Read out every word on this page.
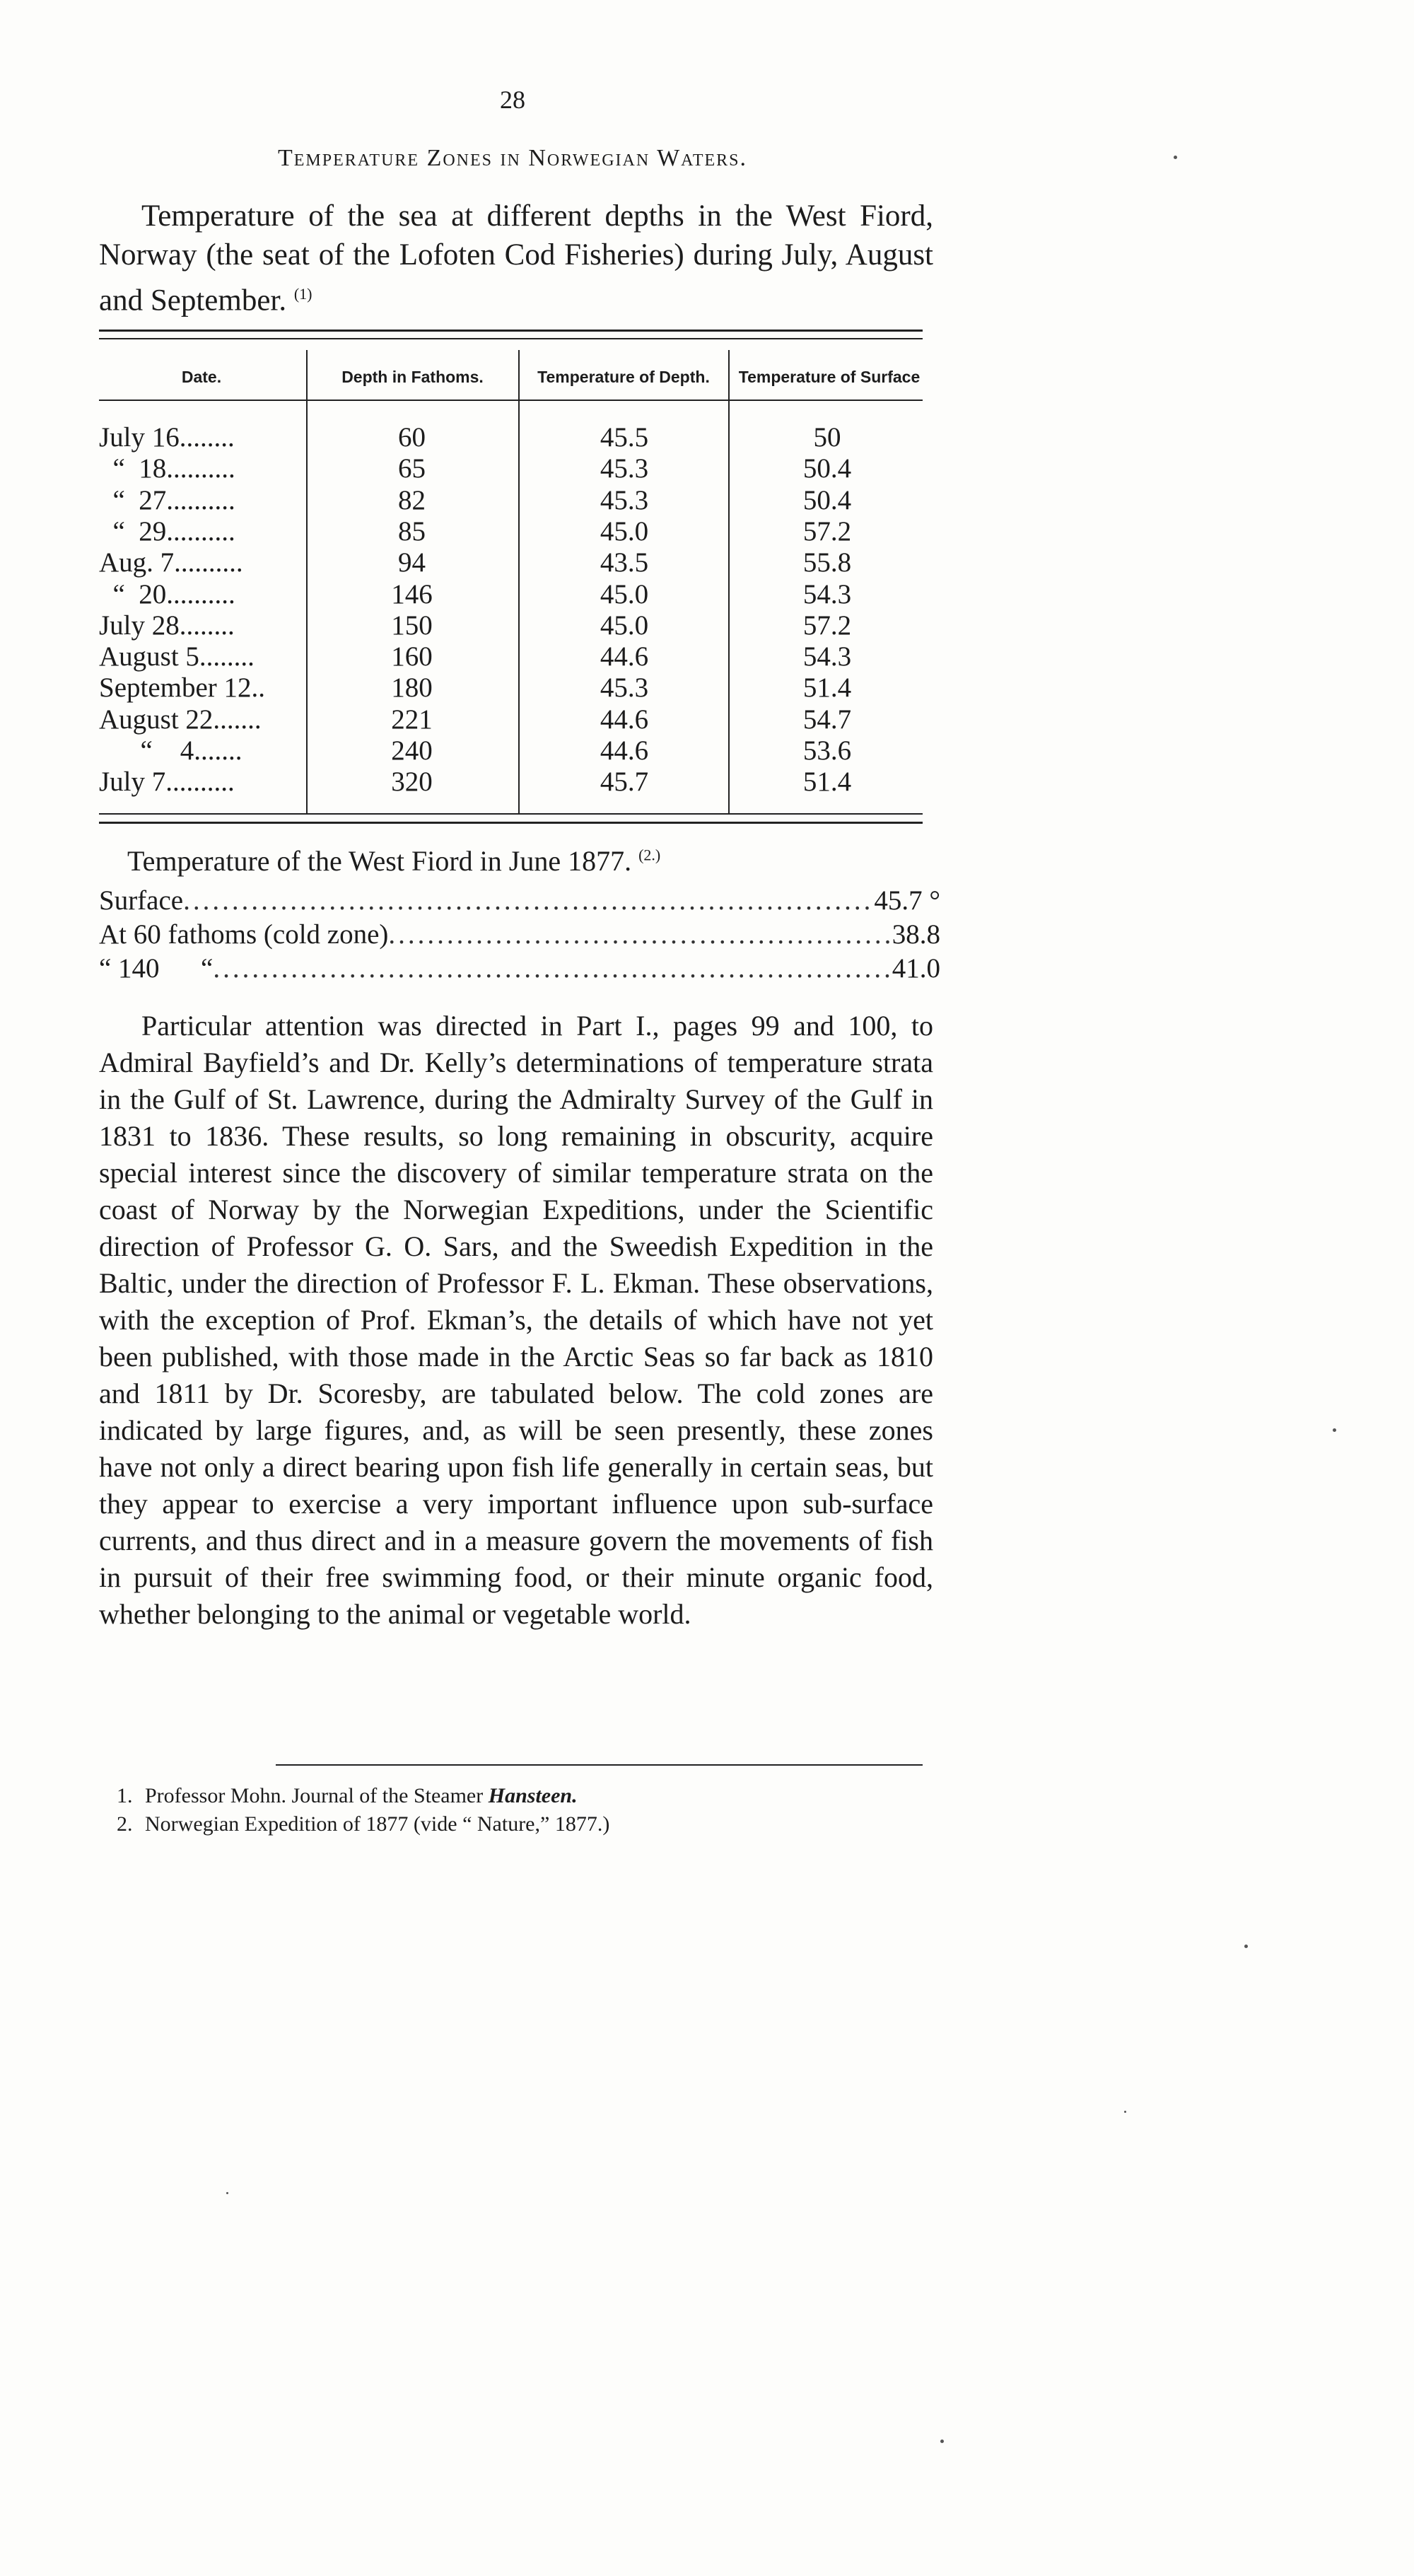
28
Temperature Zones in Norwegian Waters.
Temperature of the sea at different depths in the West Fiord, Norway (the seat of the Lofoten Cod Fisheries) during July, August and September. $^{(1)}$
Date.	Depth in Fathoms.	Temperature of Depth.	Temperature of Surface
July 16........	60	45.5	50
“  18..........	65	45.3	50.4
“  27..........	82	45.3	50.4
“  29..........	85	45.0	57.2
Aug. 7..........	94	43.5	55.8
“  20..........	146	45.0	54.3
July 28........	150	45.0	57.2
August 5........	160	44.6	54.3
September 12..	180	45.3	51.4
August 22.......	221	44.6	54.7
“    4.......	240	44.6	53.6
July 7..........	320	45.7	51.4
Temperature of the West Fiord in June 1877. $^{(2.)}$
Surface .....	45.7 °
At 60 fathoms (cold zone) .....	38.8
“ 140      “ .....	41.0
Particular attention was directed in Part I., pages 99 and 100, to Admiral Bayfield’s and Dr. Kelly’s determinations of temperature strata in the Gulf of St. Lawrence, during the Admiralty Survey of the Gulf in 1831 to 1836. These results, so long remaining in obscurity, acquire special interest since the discovery of similar temperature strata on the coast of Norway by the Norwegian Expeditions, under the Scientific direction of Professor G. O. Sars, and the Sweedish Expedition in the Baltic, under the direction of Professor F. L. Ekman. These observations, with the exception of Prof. Ekman’s, the details of which have not yet been published, with those made in the Arctic Seas so far back as 1810 and 1811 by Dr. Scoresby, are tabulated below. The cold zones are indicated by large figures, and, as will be seen presently, these zones have not only a direct bearing upon fish life generally in certain seas, but they appear to exercise a very important influence upon sub-surface currents, and thus direct and in a measure govern the movements of fish in pursuit of their free swimming food, or their minute organic food, whether belonging to the animal or vegetable world.
1. Professor Mohn. Journal of the Steamer Hansteen.
2. Norwegian Expedition of 1877 (vide “ Nature,” 1877.)
